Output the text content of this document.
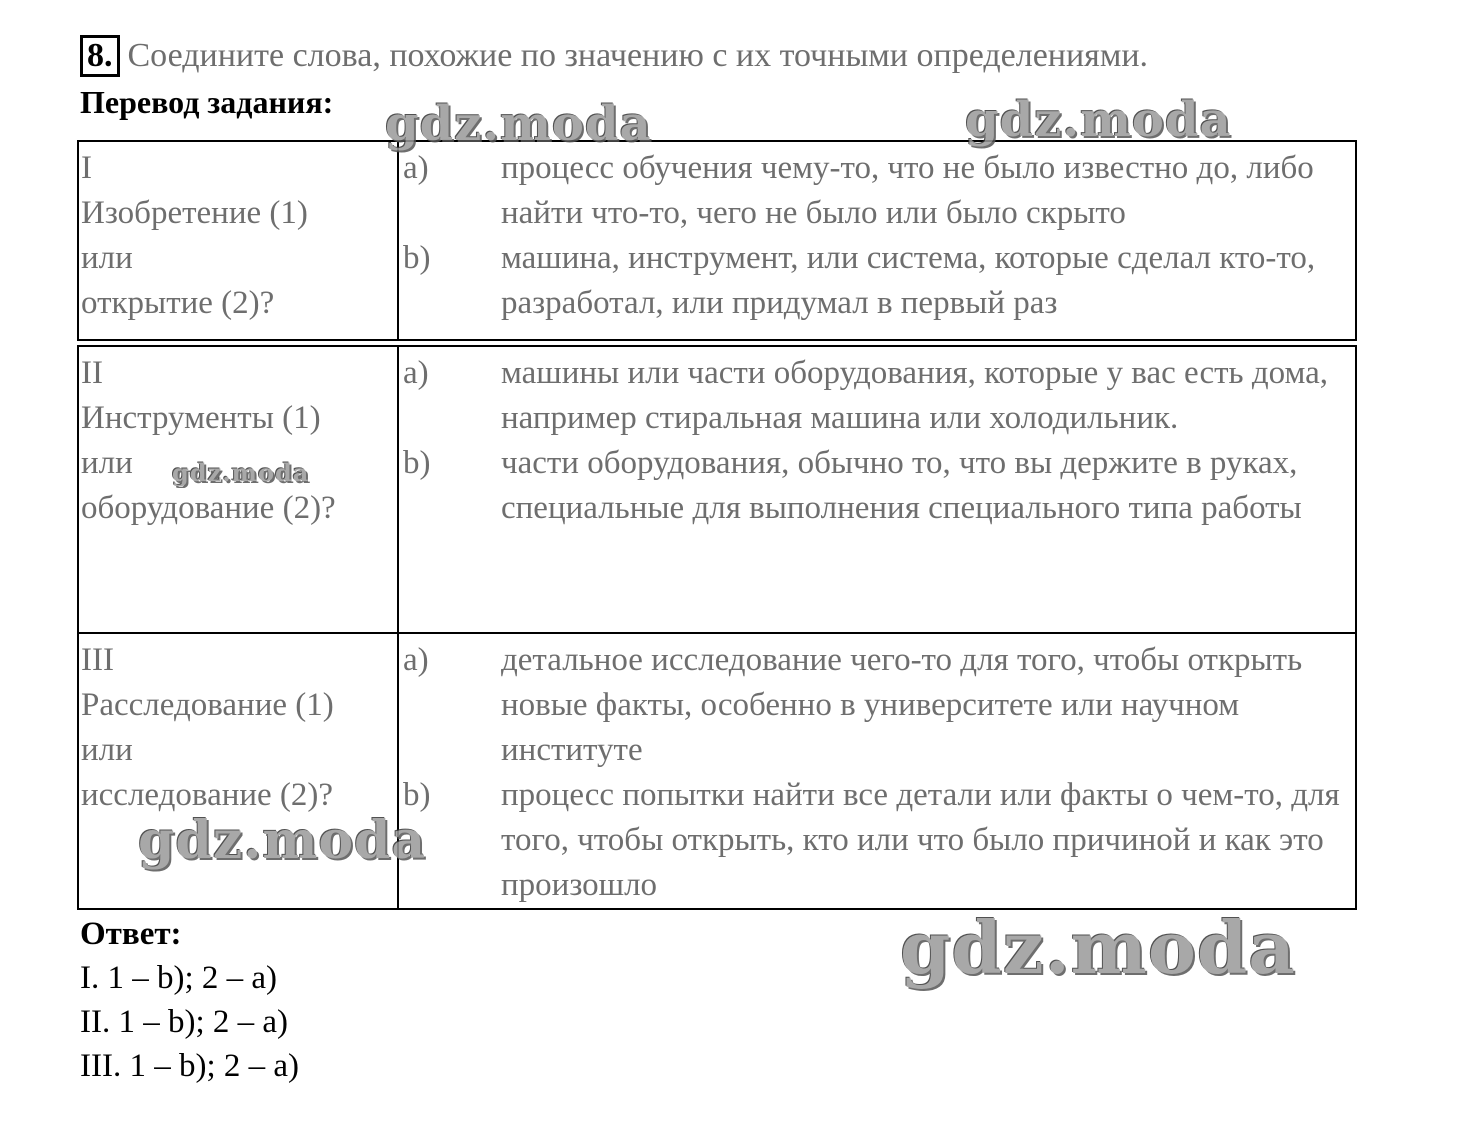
8. Соедините слова, похожие по значению с их точными определениями.
Перевод задания:
I
Изобретение (1)
или
открытие (2)?

a) процесс обучения чему-то, что не было известно до, либо найти что-то, чего не было или было скрыто

b) машина, инструмент, или система, которые сделал кто-то, разработал, или придумал в первый раз

II
Инструменты (1)
или
оборудование (2)?

a) машины или части оборудования, которые у вас есть дома, например стиральная машина или холодильник.

b) части оборудования, обычно то, что вы держите в руках, специальные для выполнения специального типа работы

III
Расследование (1)
или
исследование (2)?

a) детальное исследование чего-то для того, чтобы открыть новые факты, особенно в университете или научном институте

b) процесс попытки найти все детали или факты о чем-то, для того, чтобы открыть, кто или что было причиной и как это произошло

Ответ:
I. 1 – b); 2 – a)
II. 1 – b); 2 – a)
III. 1 – b); 2 – a)
gdz.moda	gdz.moda
gdz.moda
gdz.moda
gdz.moda
